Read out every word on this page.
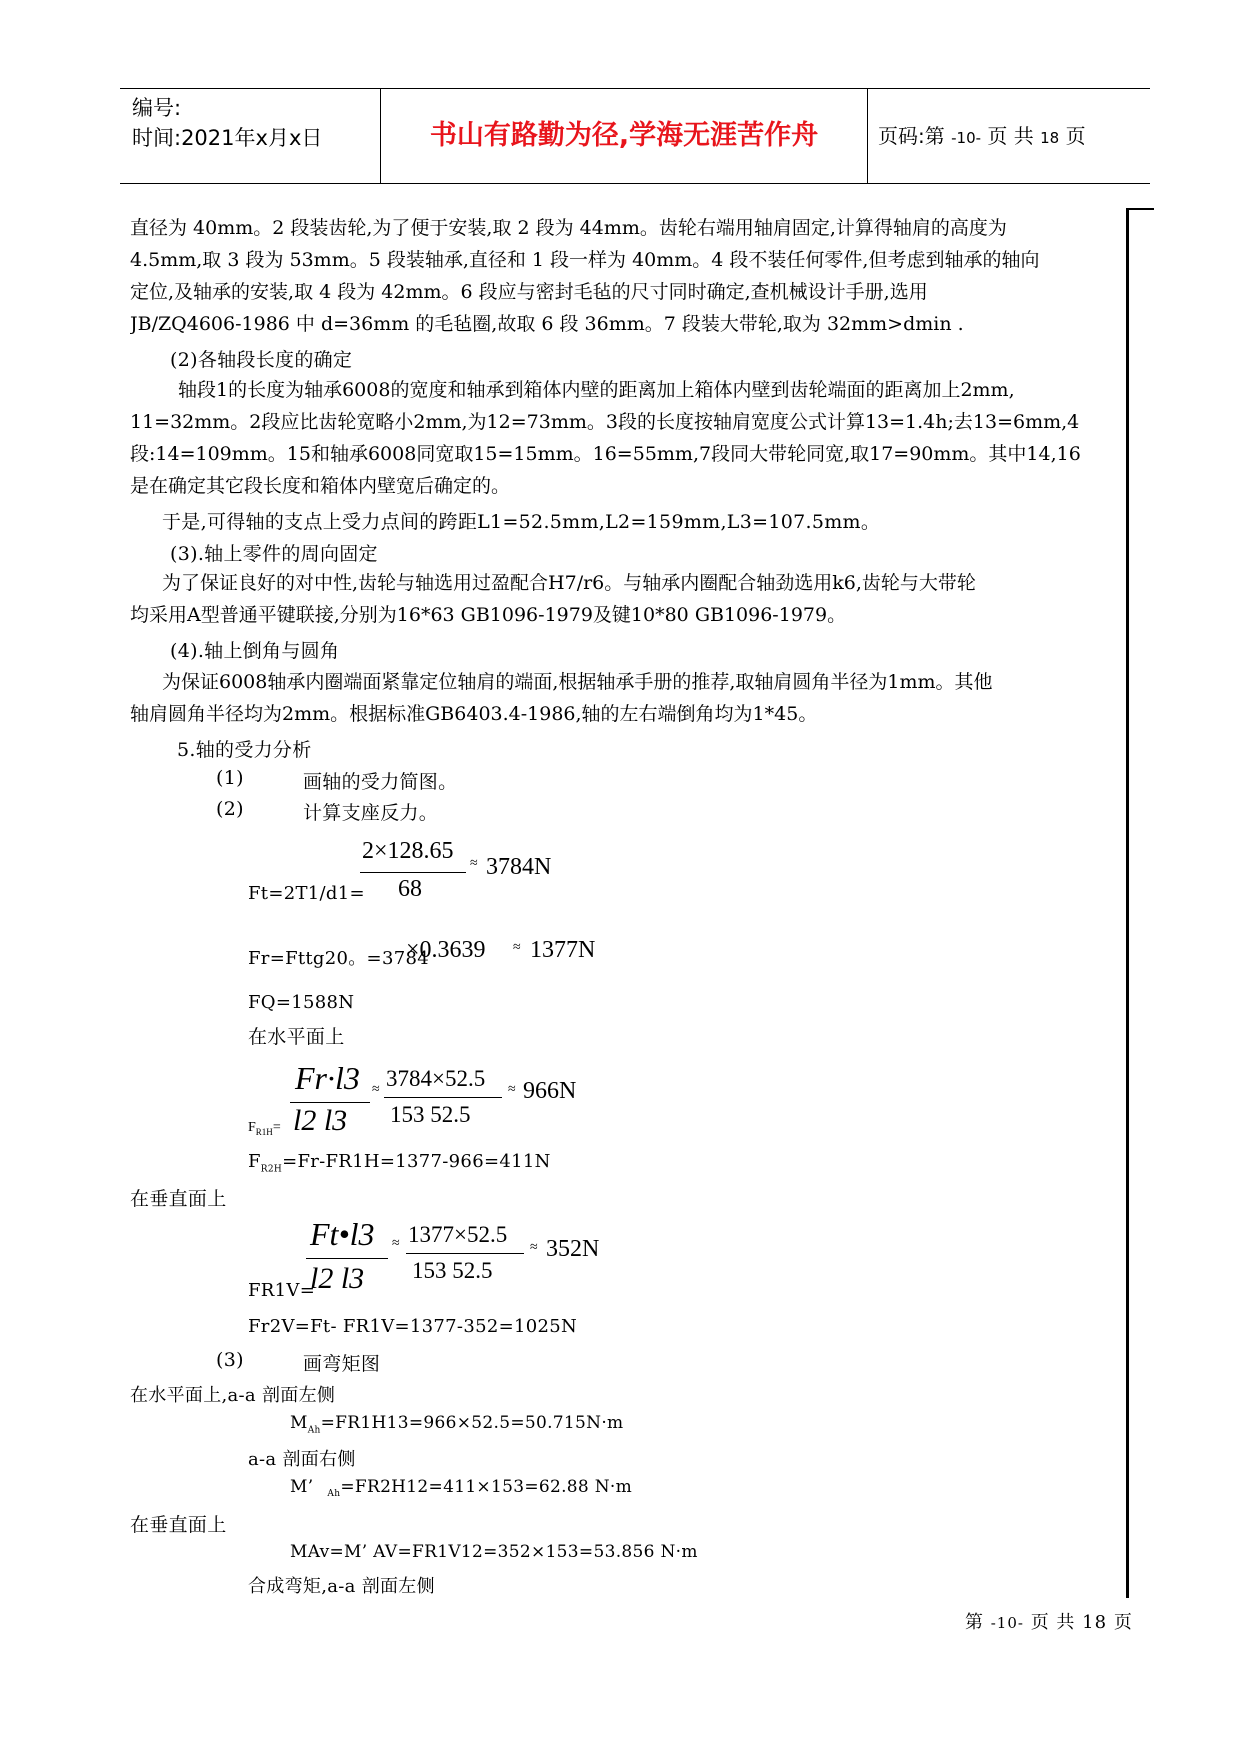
编号:
时间:2021年x月x日	书山有路勤为径,学海无涯苦作舟	页码:第 -10- 页 共 18 页
直径为 40mm。2 段装齿轮,为了便于安装,取 2 段为 44mm。齿轮右端用轴肩固定,计算得轴肩的高度为
4.5mm,取 3 段为 53mm。5 段装轴承,直径和 1 段一样为 40mm。4 段不装任何零件,但考虑到轴承的轴向
定位,及轴承的安装,取 4 段为 42mm。6 段应与密封毛毡的尺寸同时确定,查机械设计手册,选用
JB/ZQ4606-1986 中 d=36mm 的毛毡圈,故取 6 段 36mm。7 段装大带轮,取为 32mm>dmin .
(2)各轴段长度的确定
轴段1的长度为轴承6008的宽度和轴承到箱体内壁的距离加上箱体内壁到齿轮端面的距离加上2mm,
11=32mm。2段应比齿轮宽略小2mm,为12=73mm。3段的长度按轴肩宽度公式计算13=1.4h;去13=6mm,4
段:14=109mm。15和轴承6008同宽取15=15mm。16=55mm,7段同大带轮同宽,取17=90mm。其中14,16
是在确定其它段长度和箱体内壁宽后确定的。
于是,可得轴的支点上受力点间的跨距L1=52.5mm,L2=159mm,L3=107.5mm。
(3).轴上零件的周向固定
为了保证良好的对中性,齿轮与轴选用过盈配合H7/r6。与轴承内圈配合轴劲选用k6,齿轮与大带轮
均采用A型普通平键联接,分别为16*63 GB1096-1979及键10*80 GB1096-1979。
(4).轴上倒角与圆角
为保证6008轴承内圈端面紧靠定位轴肩的端面,根据轴承手册的推荐,取轴肩圆角半径为1mm。其他
轴肩圆角半径均为2mm。根据标准GB6403.4-1986,轴的左右端倒角均为1*45。
5.轴的受力分析
(1)	画轴的受力简图。
(2)	计算支座反力。
Ft=2T1/d1=
2×128.65
68
≈ 3784N
Fr=Fttg20。=3784
×0.3639 ≈ 1377N
FQ=1588N
在水平面上
$F_{R1H}=$
Fr·l3
l2 l3
≈ 3784×52.5
153 52.5
≈ 966N
$F_{R2H}=Fr-FR1H=1377-966=411N$
在垂直面上
FR1V=
Ft•l3
l2 l3
≈ 1377×52.5
153 52.5
≈ 352N
Fr2V=Ft- FR1V=1377-352=1025N
(3)	画弯矩图
在水平面上,a-a 剖面左侧
$M_{Ah}=FR1H13=966\times 52.5=50.715N\cdot m$
a-a 剖面右侧
M’ $_{Ah}$=FR2H12=411×153=62.88 N·m
在垂直面上
MAv=M’ AV=FR1V12=352×153=53.856 N·m
合成弯矩,a-a 剖面左侧
第 -10- 页 共 18 页
